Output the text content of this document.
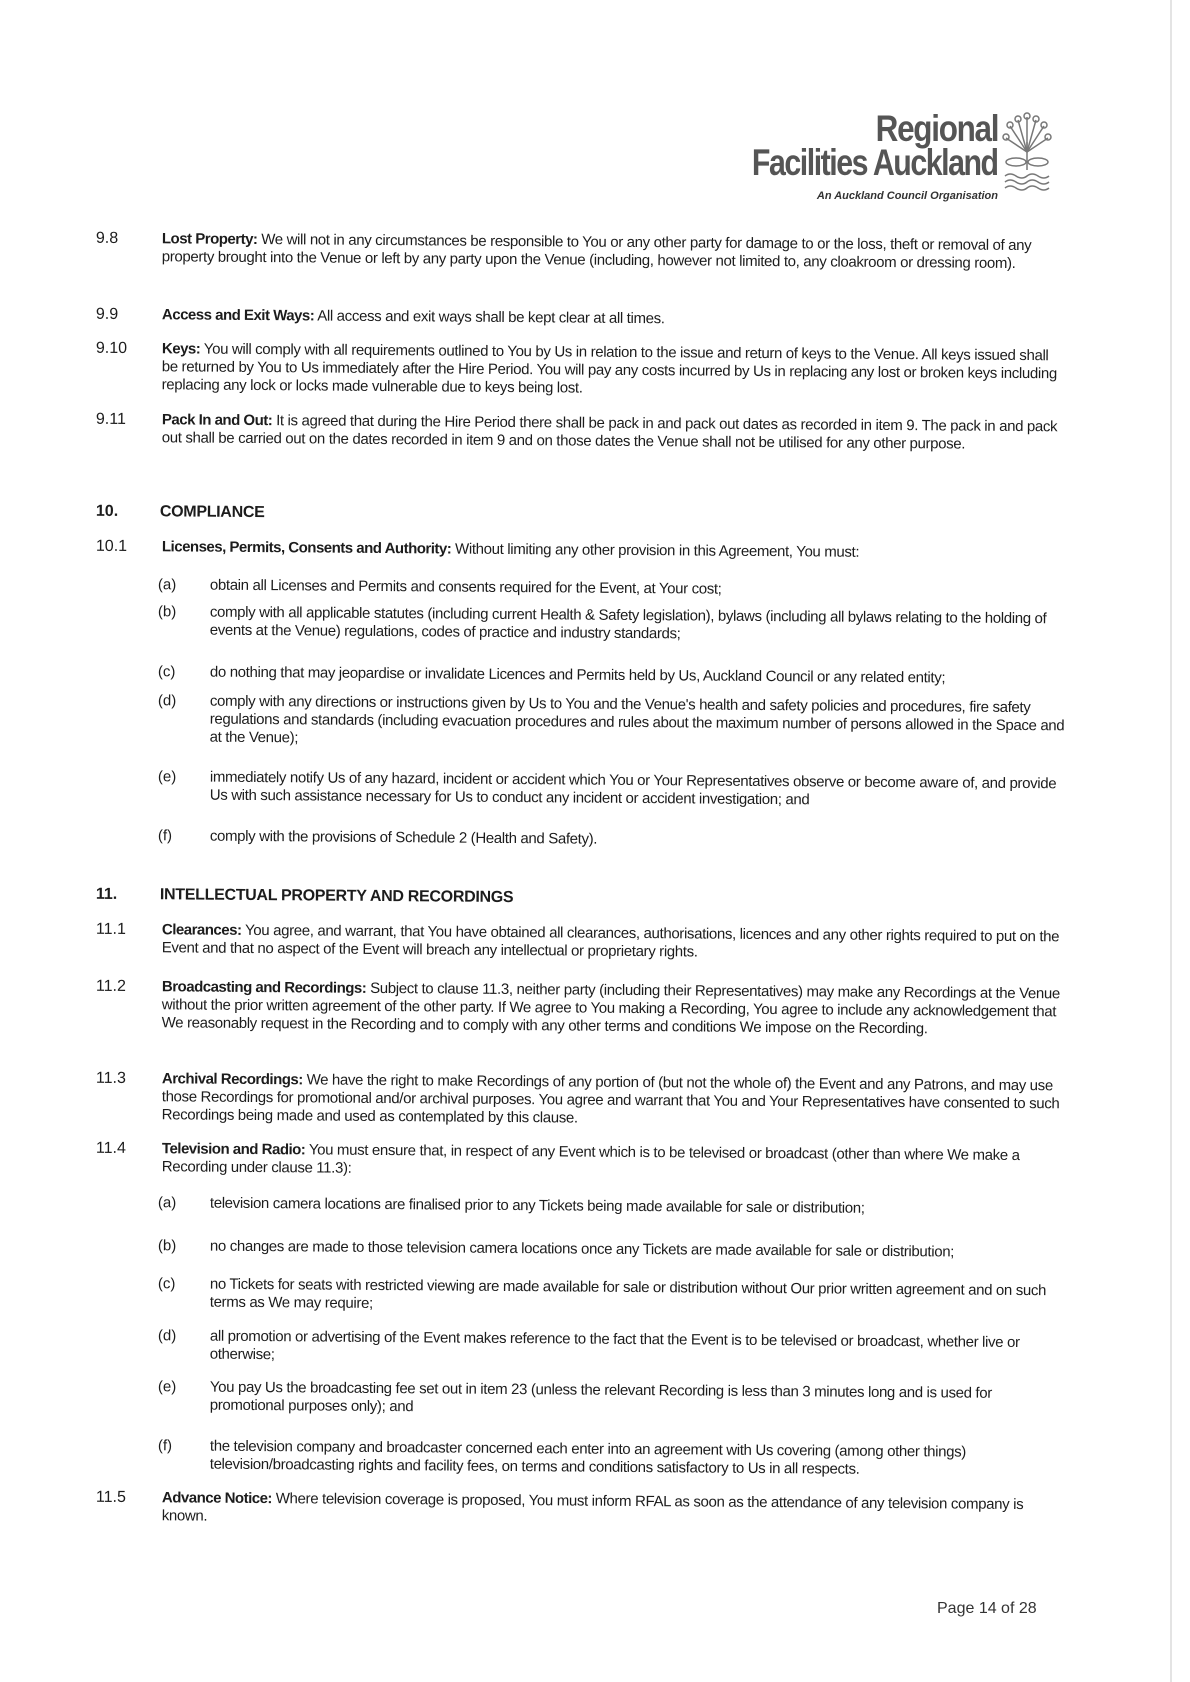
Regional
Facilities Auckland
An Auckland Council Organisation
9.8	Lost Property: We will not in any circumstances be responsible to You or any other party for damage to or the loss, theft or removal of any property brought into the Venue or left by any party upon the Venue (including, however not limited to, any cloakroom or dressing room).
9.9	Access and Exit Ways: All access and exit ways shall be kept clear at all times.
9.10 Keys: You will comply with all requirements outlined to You by Us in relation to the issue and return of keys to the Venue. All keys issued shall be returned by You to Us immediately after the Hire Period. You will pay any costs incurred by Us in replacing any lost or broken keys including replacing any lock or locks made vulnerable due to keys being lost.
9.11 Pack In and Out: It is agreed that during the Hire Period there shall be pack in and pack out dates as recorded in item 9. The pack in and pack out shall be carried out on the dates recorded in item 9 and on those dates the Venue shall not be utilised for any other purpose.
10.	COMPLIANCE
10.1 Licenses, Permits, Consents and Authority: Without limiting any other provision in this Agreement, You must:
(a) obtain all Licenses and Permits and consents required for the Event, at Your cost;
(b) comply with all applicable statutes (including current Health & Safety legislation), bylaws (including all bylaws relating to the holding of events at the Venue) regulations, codes of practice and industry standards;
(c) do nothing that may jeopardise or invalidate Licences and Permits held by Us, Auckland Council or any related entity;
(d) comply with any directions or instructions given by Us to You and the Venue's health and safety policies and procedures, fire safety regulations and standards (including evacuation procedures and rules about the maximum number of persons allowed in the Space and at the Venue);
(e) immediately notify Us of any hazard, incident or accident which You or Your Representatives observe or become aware of, and provide Us with such assistance necessary for Us to conduct any incident or accident investigation; and
(f)	comply with the provisions of Schedule 2 (Health and Safety).
11.	INTELLECTUAL PROPERTY AND RECORDINGS
11.1 Clearances: You agree, and warrant, that You have obtained all clearances, authorisations, licences and any other rights required to put on the Event and that no aspect of the Event will breach any intellectual or proprietary rights.
11.2 Broadcasting and Recordings: Subject to clause 11.3, neither party (including their Representatives) may make any Recordings at the Venue without the prior written agreement of the other party. If We agree to You making a Recording, You agree to include any acknowledgement that We reasonably request in the Recording and to comply with any other terms and conditions We impose on the Recording.
11.3 Archival Recordings: We have the right to make Recordings of any portion of (but not the whole of) the Event and any Patrons, and may use those Recordings for promotional and/or archival purposes. You agree and warrant that You and Your Representatives have consented to such Recordings being made and used as contemplated by this clause.
11.4 Television and Radio: You must ensure that, in respect of any Event which is to be televised or broadcast (other than where We make a Recording under clause 11.3):
(a) television camera locations are finalised prior to any Tickets being made available for sale or distribution;
(b) no changes are made to those television camera locations once any Tickets are made available for sale or distribution;
(c) no Tickets for seats with restricted viewing are made available for sale or distribution without Our prior written agreement and on such terms as We may require;
(d) all promotion or advertising of the Event makes reference to the fact that the Event is to be televised or broadcast, whether live or otherwise;
(e) You pay Us the broadcasting fee set out in item 23 (unless the relevant Recording is less than 3 minutes long and is used for promotional purposes only); and
(f)	the television company and broadcaster concerned each enter into an agreement with Us covering (among other things) television/broadcasting rights and facility fees, on terms and conditions satisfactory to Us in all respects.
11.5 Advance Notice: Where television coverage is proposed, You must inform RFAL as soon as the attendance of any television company is known.
Page 14 of 28
